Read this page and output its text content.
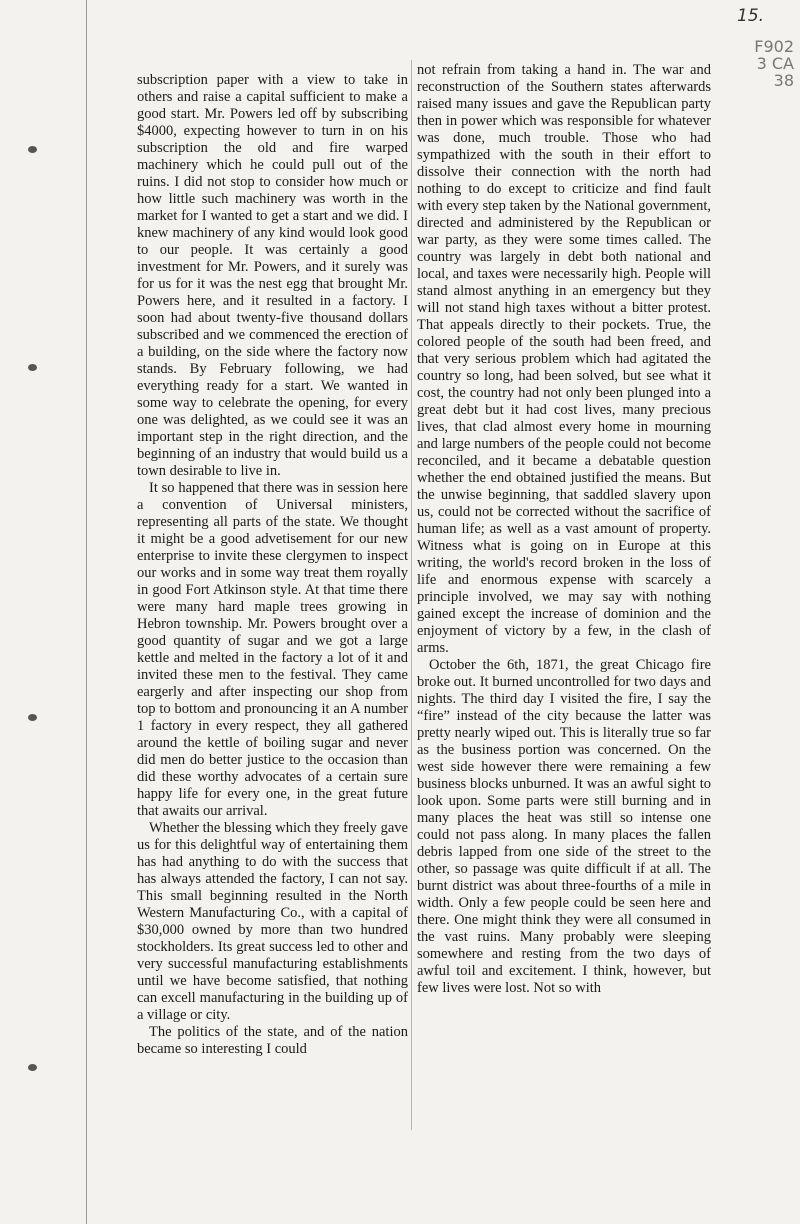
15.
F902
3 CA
38

subscription paper with a view to take in others and raise a capital sufficient to make a good start. Mr. Powers led off by subscribing $4000, expecting however to turn in on his subscription the old and fire warped machinery which he could pull out of the ruins. I did not stop to consider how much or how little such machinery was worth in the market for I wanted to get a start and we did. I knew machinery of any kind would look good to our people. It was certainly a good investment for Mr. Powers, and it surely was for us for it was the nest egg that brought Mr. Powers here, and it resulted in a factory. I soon had about twenty-five thousand dollars subscribed and we commenced the erection of a building, on the side where the factory now stands. By February following, we had everything ready for a start. We wanted in some way to celebrate the opening, for every one was delighted, as we could see it was an important step in the right direction, and the beginning of an industry that would build us a town desirable to live in.

It so happened that there was in session here a convention of Universal ministers, representing all parts of the state. We thought it might be a good advetisement for our new enterprise to invite these clergymen to inspect our works and in some way treat them royally in good Fort Atkinson style. At that time there were many hard maple trees growing in Hebron township. Mr. Powers brought over a good quantity of sugar and we got a large kettle and melted in the factory a lot of it and invited these men to the festival. They came eargerly and after inspecting our shop from top to bottom and pronouncing it an A number 1 factory in every respect, they all gathered around the kettle of boiling sugar and never did men do better justice to the occasion than did these worthy advocates of a certain sure happy life for every one, in the great future that awaits our arrival.

Whether the blessing which they freely gave us for this delightful way of entertaining them has had anything to do with the success that has always attended the factory, I can not say. This small beginning resulted in the North Western Manufacturing Co., with a capital of $30,000 owned by more than two hundred stockholders. Its great success led to other and very successful manufacturing establishments until we have become satisfied, that nothing can excell manufacturing in the building up of a village or city.

The politics of the state, and of the nation became so interesting I could

not refrain from taking a hand in. The war and reconstruction of the Southern states afterwards raised many issues and gave the Republican party then in power which was responsible for whatever was done, much trouble. Those who had sympathized with the south in their effort to dissolve their connection with the north had nothing to do except to criticize and find fault with every step taken by the National government, directed and administered by the Republican or war party, as they were some times called. The country was largely in debt both national and local, and taxes were necessarily high. People will stand almost anything in an emergency but they will not stand high taxes without a bitter protest. That appeals directly to their pockets. True, the colored people of the south had been freed, and that very serious problem which had agitated the country so long, had been solved, but see what it cost, the country had not only been plunged into a great debt but it had cost lives, many precious lives, that clad almost every home in mourning and large numbers of the people could not become reconciled, and it became a debatable question whether the end obtained justified the means. But the unwise beginning, that saddled slavery upon us, could not be corrected without the sacrifice of human life; as well as a vast amount of property. Witness what is going on in Europe at this writing, the world's record broken in the loss of life and enormous expense with scarcely a principle involved, we may say with nothing gained except the increase of dominion and the enjoyment of victory by a few, in the clash of arms.

October the 6th, 1871, the great Chicago fire broke out. It burned uncontrolled for two days and nights. The third day I visited the fire, I say the “fire” instead of the city because the latter was pretty nearly wiped out. This is literally true so far as the business portion was concerned. On the west side however there were remaining a few business blocks unburned. It was an awful sight to look upon. Some parts were still burning and in many places the heat was still so intense one could not pass along. In many places the fallen debris lapped from one side of the street to the other, so passage was quite difficult if at all. The burnt district was about three-fourths of a mile in width. Only a few people could be seen here and there. One might think they were all consumed in the vast ruins. Many probably were sleeping somewhere and resting from the two days of awful toil and excitement. I think, however, but few lives were lost. Not so with
